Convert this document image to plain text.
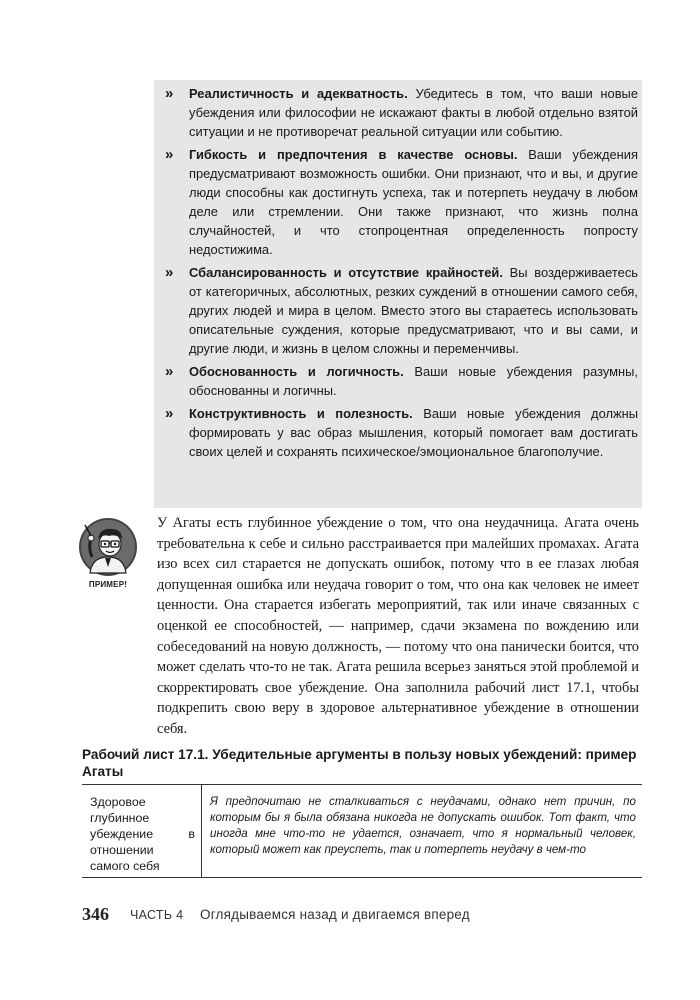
» Реалистичность и адекватность. Убедитесь в том, что ваши новые убеждения или философии не искажают факты в любой отдельно взятой ситуации и не противоречат реальной ситуации или событию.

» Гибкость и предпочтения в качестве основы. Ваши убеждения предусматривают возможность ошибки. Они признают, что и вы, и другие люди способны как достигнуть успеха, так и потерпеть неудачу в любом деле или стремлении. Они также признают, что жизнь полна случайностей, и что стопроцентная определенность попросту недостижима.

» Сбалансированность и отсутствие крайностей. Вы воздерживаетесь от категоричных, абсолютных, резких суждений в отношении самого себя, других людей и мира в целом. Вместо этого вы стараетесь использовать описательные суждения, которые предусматривают, что и вы сами, и другие люди, и жизнь в целом сложны и переменчивы.

» Обоснованность и логичность. Ваши новые убеждения разумны, обоснованны и логичны.

» Конструктивность и полезность. Ваши новые убеждения должны формировать у вас образ мышления, который помогает вам достигать своих целей и сохранять психическое/эмоциональное благополучие.

ПРИМЕР!

У Агаты есть глубинное убеждение о том, что она неудачница. Агата очень требовательна к себе и сильно расстраивается при малейших промахах. Агата изо всех сил старается не допускать ошибок, потому что в ее глазах любая допущенная ошибка или неудача говорит о том, что она как человек не имеет ценности. Она старается избегать мероприятий, так или иначе связанных с оценкой ее способностей, — например, сдачи экзамена по вождению или собеседований на новую должность, — потому что она панически боится, что может сделать что-то не так. Агата решила всерьез заняться этой проблемой и скорректировать свое убеждение. Она заполнила рабочий лист 17.1, чтобы подкрепить свою веру в здоровое альтернативное убеждение в отношении себя.

Рабочий лист 17.1. Убедительные аргументы в пользу новых убеждений: пример Агаты
Здоровое глубинное убеждение в отношении самого себя
Я предпочитаю не сталкиваться с неудачами, однако нет причин, по которым бы я была обязана никогда не допускать ошибок. Тот факт, что иногда мне что-то не удается, означает, что я нормальный человек, который может как преуспеть, так и потерпеть неудачу в чем-то
346 ЧАСТЬ 4 Оглядываемся назад и двигаемся вперед
